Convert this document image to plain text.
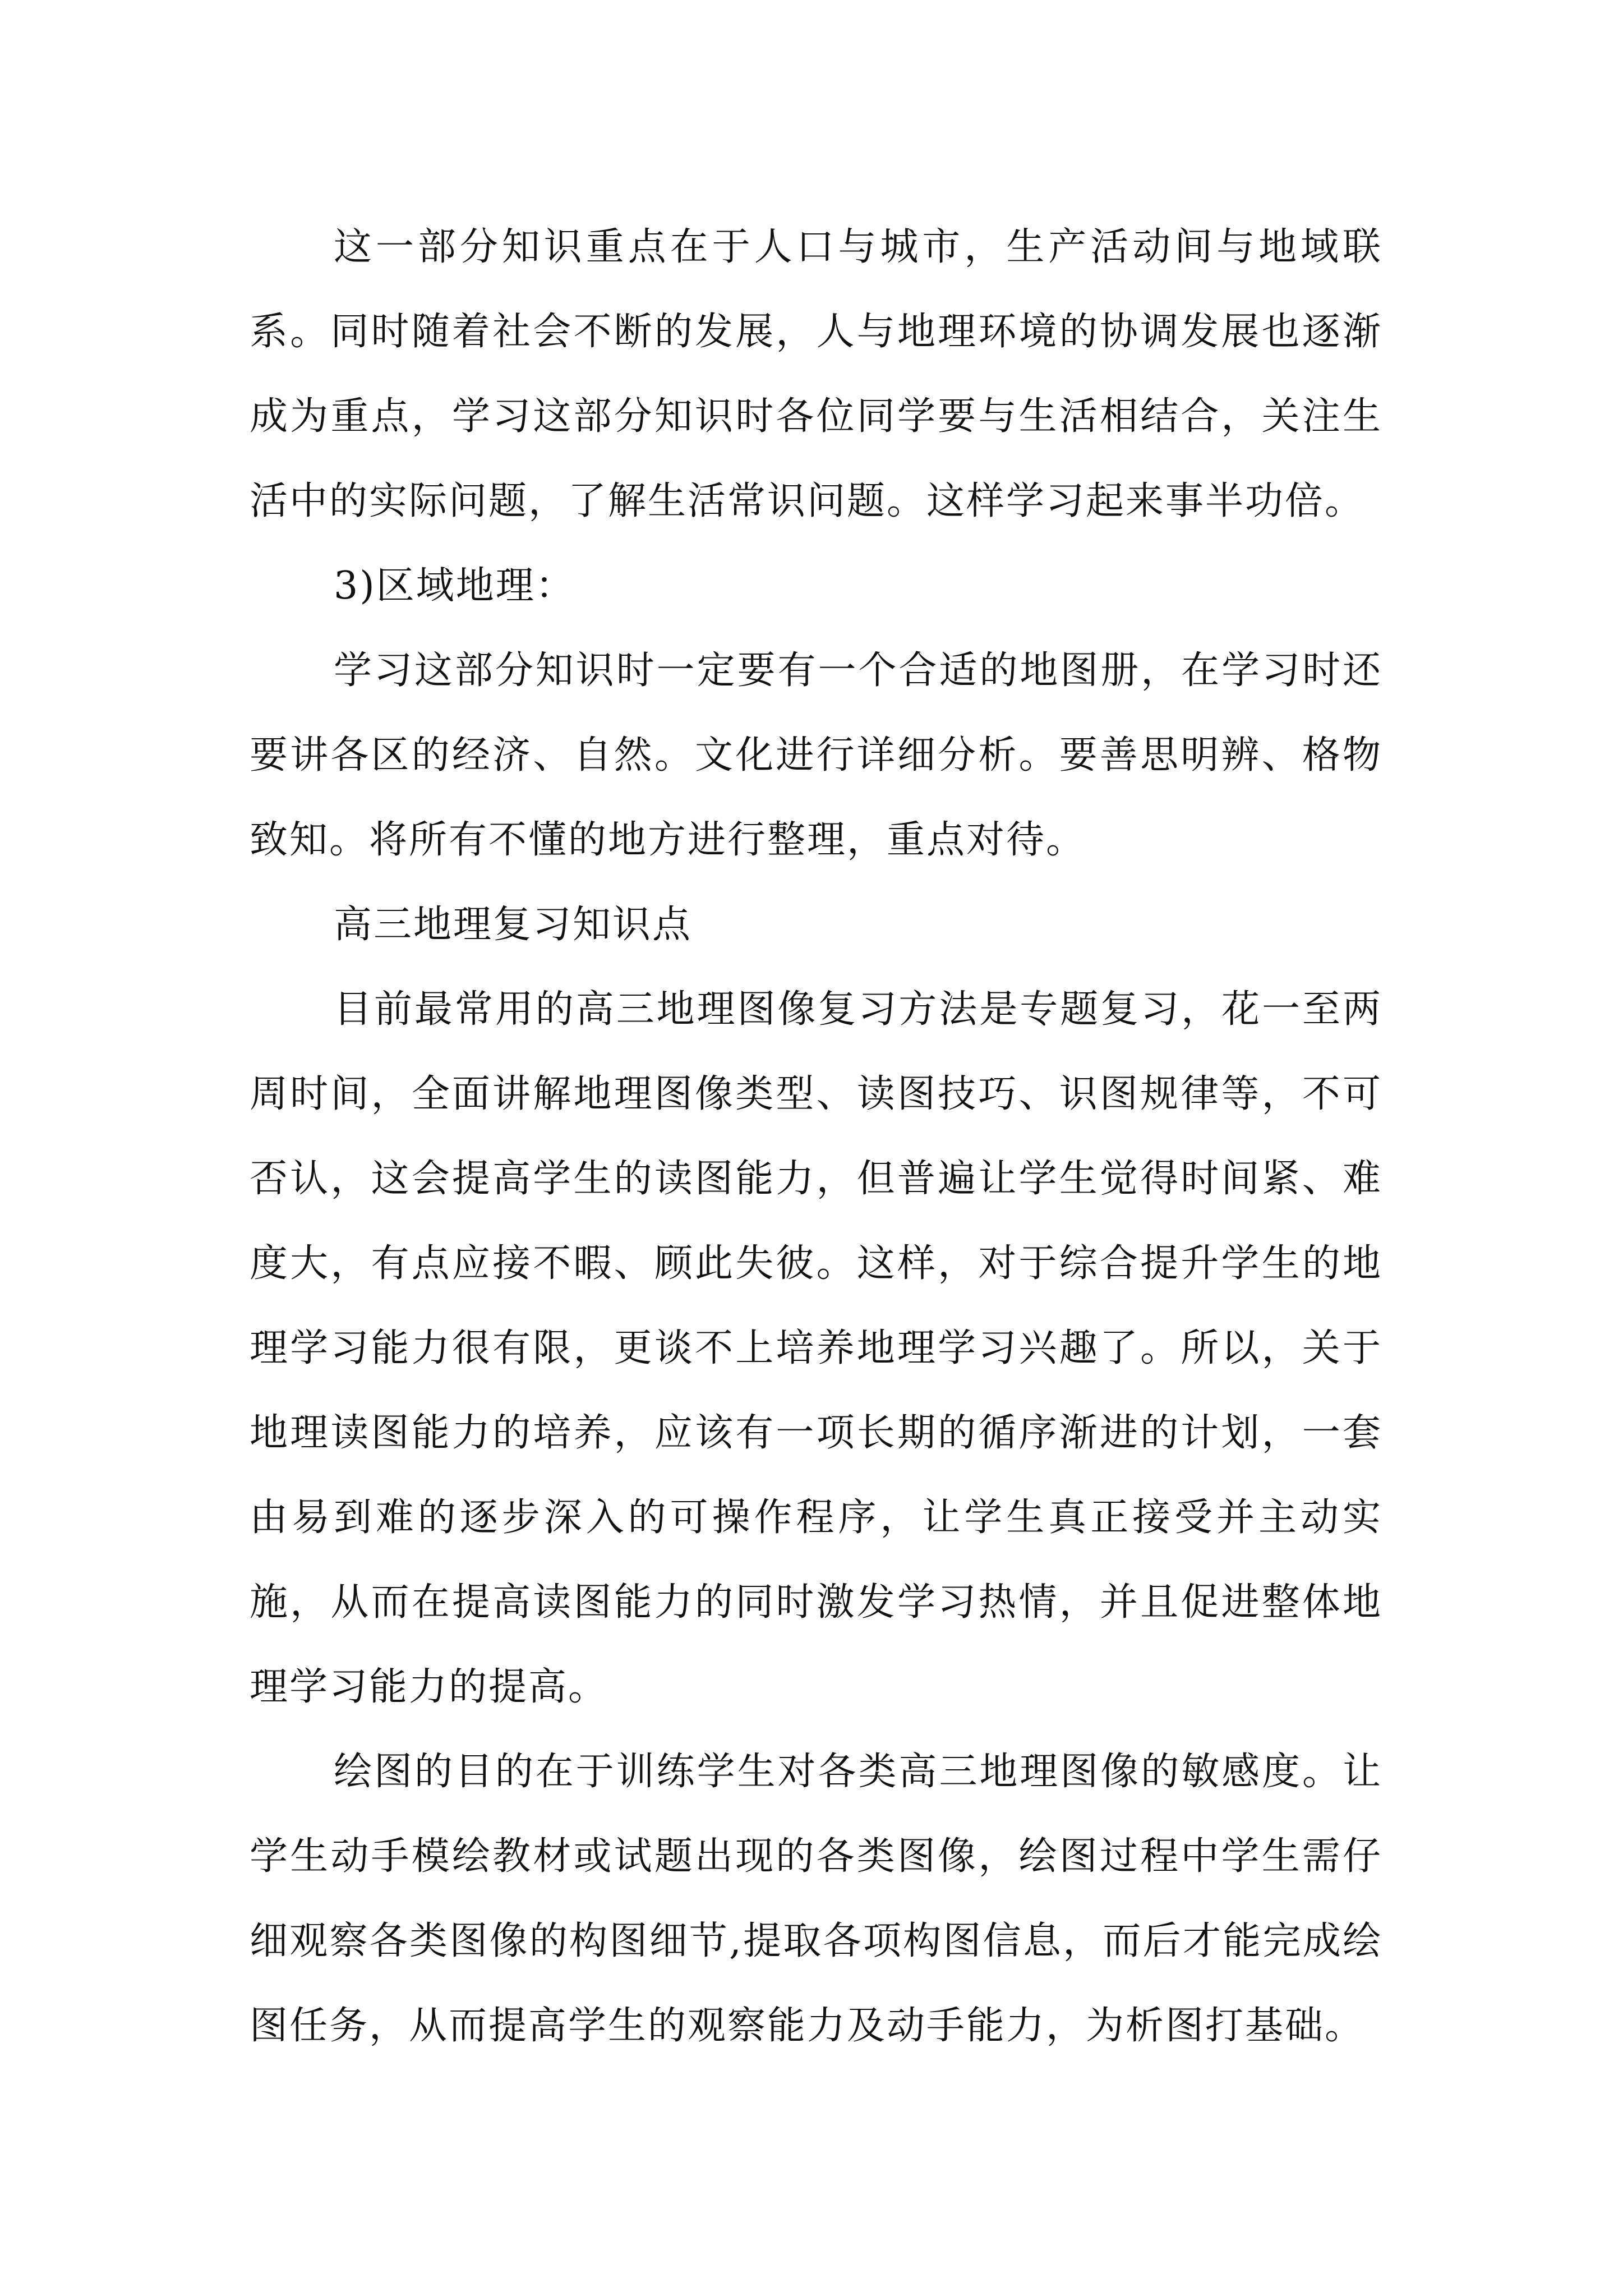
这一部分知识重点在于人口与城市，生产活动间与地域联系。同时随着社会不断的发展，人与地理环境的协调发展也逐渐成为重点，学习这部分知识时各位同学要与生活相结合，关注生活中的实际问题，了解生活常识问题。这样学习起来事半功倍。

3)区域地理：

学习这部分知识时一定要有一个合适的地图册，在学习时还要讲各区的经济、自然。文化进行详细分析。要善思明辨、格物致知。将所有不懂的地方进行整理，重点对待。

高三地理复习知识点

目前最常用的高三地理图像复习方法是专题复习，花一至两周时间，全面讲解地理图像类型、读图技巧、识图规律等，不可否认，这会提高学生的读图能力，但普遍让学生觉得时间紧、难度大，有点应接不暇、顾此失彼。这样，对于综合提升学生的地理学习能力很有限，更谈不上培养地理学习兴趣了。所以，关于地理读图能力的培养，应该有一项长期的循序渐进的计划，一套由易到难的逐步深入的可操作程序，让学生真正接受并主动实施，从而在提高读图能力的同时激发学习热情，并且促进整体地理学习能力的提高。

绘图的目的在于训练学生对各类高三地理图像的敏感度。让学生动手模绘教材或试题出现的各类图像，绘图过程中学生需仔细观察各类图像的构图细节,提取各项构图信息，而后才能完成绘图任务，从而提高学生的观察能力及动手能力，为析图打基础。
